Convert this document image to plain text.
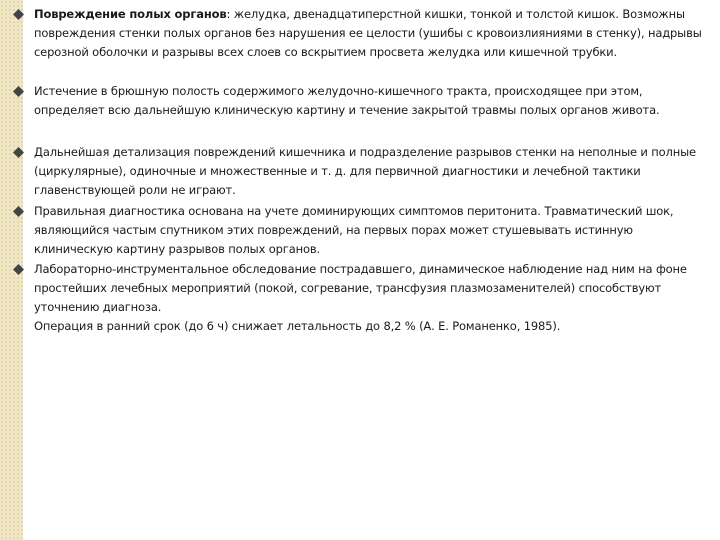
Повреждение полых органов: желудка, двенадцатиперстной кишки, тонкой и толстой кишок. Возможны повреждения стенки полых органов без нарушения ее целости (ушибы с кровоизлияниями в стенку), надрывы серозной оболочки и разрывы всех слоев со вскрытием просвета желудка или кишечной трубки.
Истечение в брюшную полость содержимого желудочно-кишечного тракта, происходящее при этом, определяет всю дальнейшую клиническую картину и течение закрытой травмы полых органов живота.
Дальнейшая детализация повреждений кишечника и подразделение разрывов стенки на неполные и полные (циркулярные), одиночные и множественные и т. д. для первичной диагностики и лечебной тактики главенствующей роли не играют.
Правильная диагностика основана на учете доминирующих симптомов перитонита. Травматический шок, являющийся частым спутником этих повреждений, на первых порах может стушевывать истинную клиническую картину разрывов полых органов.
Лабораторно-инструментальное обследование пострадавшего, динамическое наблюдение над ним на фоне простейших лечебных мероприятий (покой, согревание, трансфузия плазмозаменителей) способствуют уточнению диагноза.
Операция в ранний срок (до 6 ч) снижает летальность до 8,2 % (А. Е. Романенко, 1985).
